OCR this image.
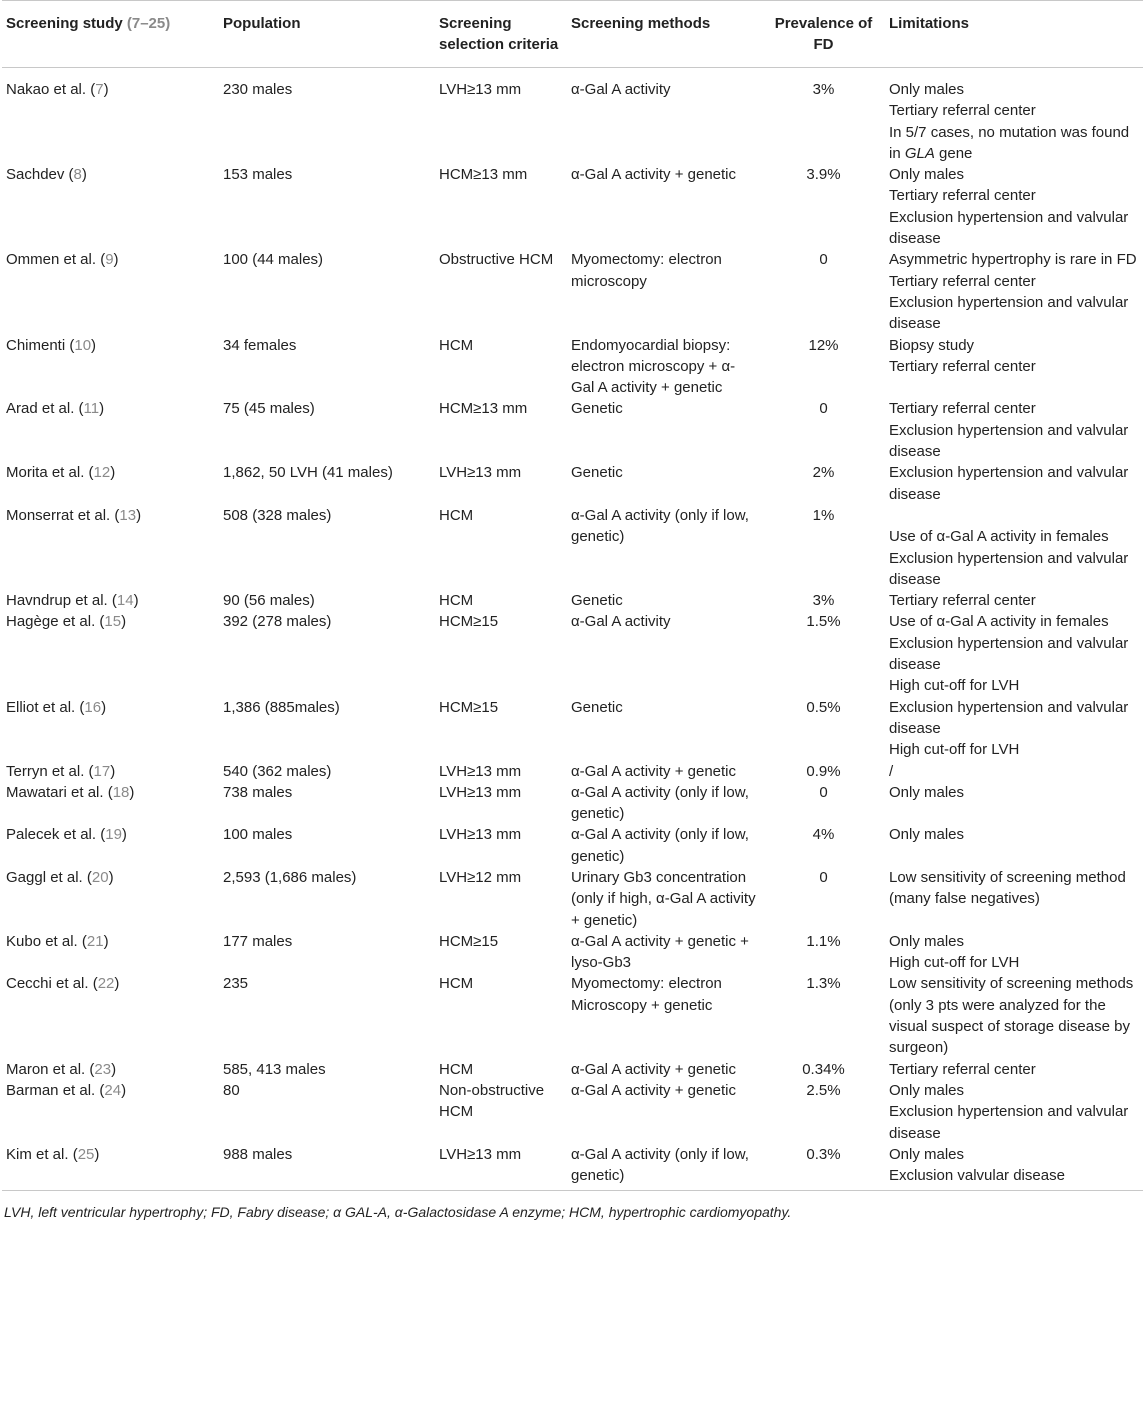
Screening study (7–25)	Population	Screening selection criteria	Screening methods	Prevalence of FD	Limitations
Nakao et al. (7)	230 males	LVH≥13 mm	α-Gal A activity	3%	Only males
Tertiary referral center
In 5/7 cases, no mutation was found in GLA gene

Sachdev (8)	153 males	HCM≥13 mm	α-Gal A activity + genetic	3.9%	Only males
Tertiary referral center
Exclusion hypertension and valvular disease

Ommen et al. (9)	100 (44 males)	Obstructive HCM	Myomectomy: electron microscopy	0	Asymmetric hypertrophy is rare in FD
Tertiary referral center
Exclusion hypertension and valvular disease

Chimenti (10)	34 females	HCM	Endomyocardial biopsy: electron microscopy + α-Gal A activity + genetic	12%	Biopsy study
Tertiary referral center

Arad et al. (11)	75 (45 males)	HCM≥13 mm	Genetic	0	Tertiary referral center
Exclusion hypertension and valvular disease

Morita et al. (12)	1,862, 50 LVH (41 males)	LVH≥13 mm	Genetic	2%	Exclusion hypertension and valvular disease

Monserrat et al. (13)	508 (328 males)	HCM	α-Gal A activity (only if low, genetic)	1%	Use of α-Gal A activity in females
Exclusion hypertension and valvular disease

Havndrup et al. (14)	90 (56 males)	HCM	Genetic	3%	Tertiary referral center

Hagège et al. (15)	392 (278 males)	HCM≥15	α-Gal A activity	1.5%	Use of α-Gal A activity in females
Exclusion hypertension and valvular disease
High cut-off for LVH

Elliot et al. (16)	1,386 (885males)	HCM≥15	Genetic	0.5%	Exclusion hypertension and valvular disease
High cut-off for LVH

Terryn et al. (17)	540 (362 males)	LVH≥13 mm	α-Gal A activity + genetic	0.9%	/

Mawatari et al. (18)	738 males	LVH≥13 mm	α-Gal A activity (only if low, genetic)	0	Only males

Palecek et al. (19)	100 males	LVH≥13 mm	α-Gal A activity (only if low, genetic)	4%	Only males

Gaggl et al. (20)	2,593 (1,686 males)	LVH≥12 mm	Urinary Gb3 concentration (only if high, α-Gal A activity + genetic)	0	Low sensitivity of screening method (many false negatives)

Kubo et al. (21)	177 males	HCM≥15	α-Gal A activity + genetic + lyso-Gb3	1.1%	Only males
High cut-off for LVH

Cecchi et al. (22)	235	HCM	Myomectomy: electron Microscopy + genetic	1.3%	Low sensitivity of screening methods (only 3 pts were analyzed for the visual suspect of storage disease by surgeon)

Maron et al. (23)	585, 413 males	HCM	α-Gal A activity + genetic	0.34%	Tertiary referral center

Barman et al. (24)	80	Non-obstructive HCM	α-Gal A activity + genetic	2.5%	Only males
Exclusion hypertension and valvular disease

Kim et al. (25)	988 males	LVH≥13 mm	α-Gal A activity (only if low, genetic)	0.3%	Only males
Exclusion valvular disease
LVH, left ventricular hypertrophy; FD, Fabry disease; α GAL-A, α-Galactosidase A enzyme; HCM, hypertrophic cardiomyopathy.
